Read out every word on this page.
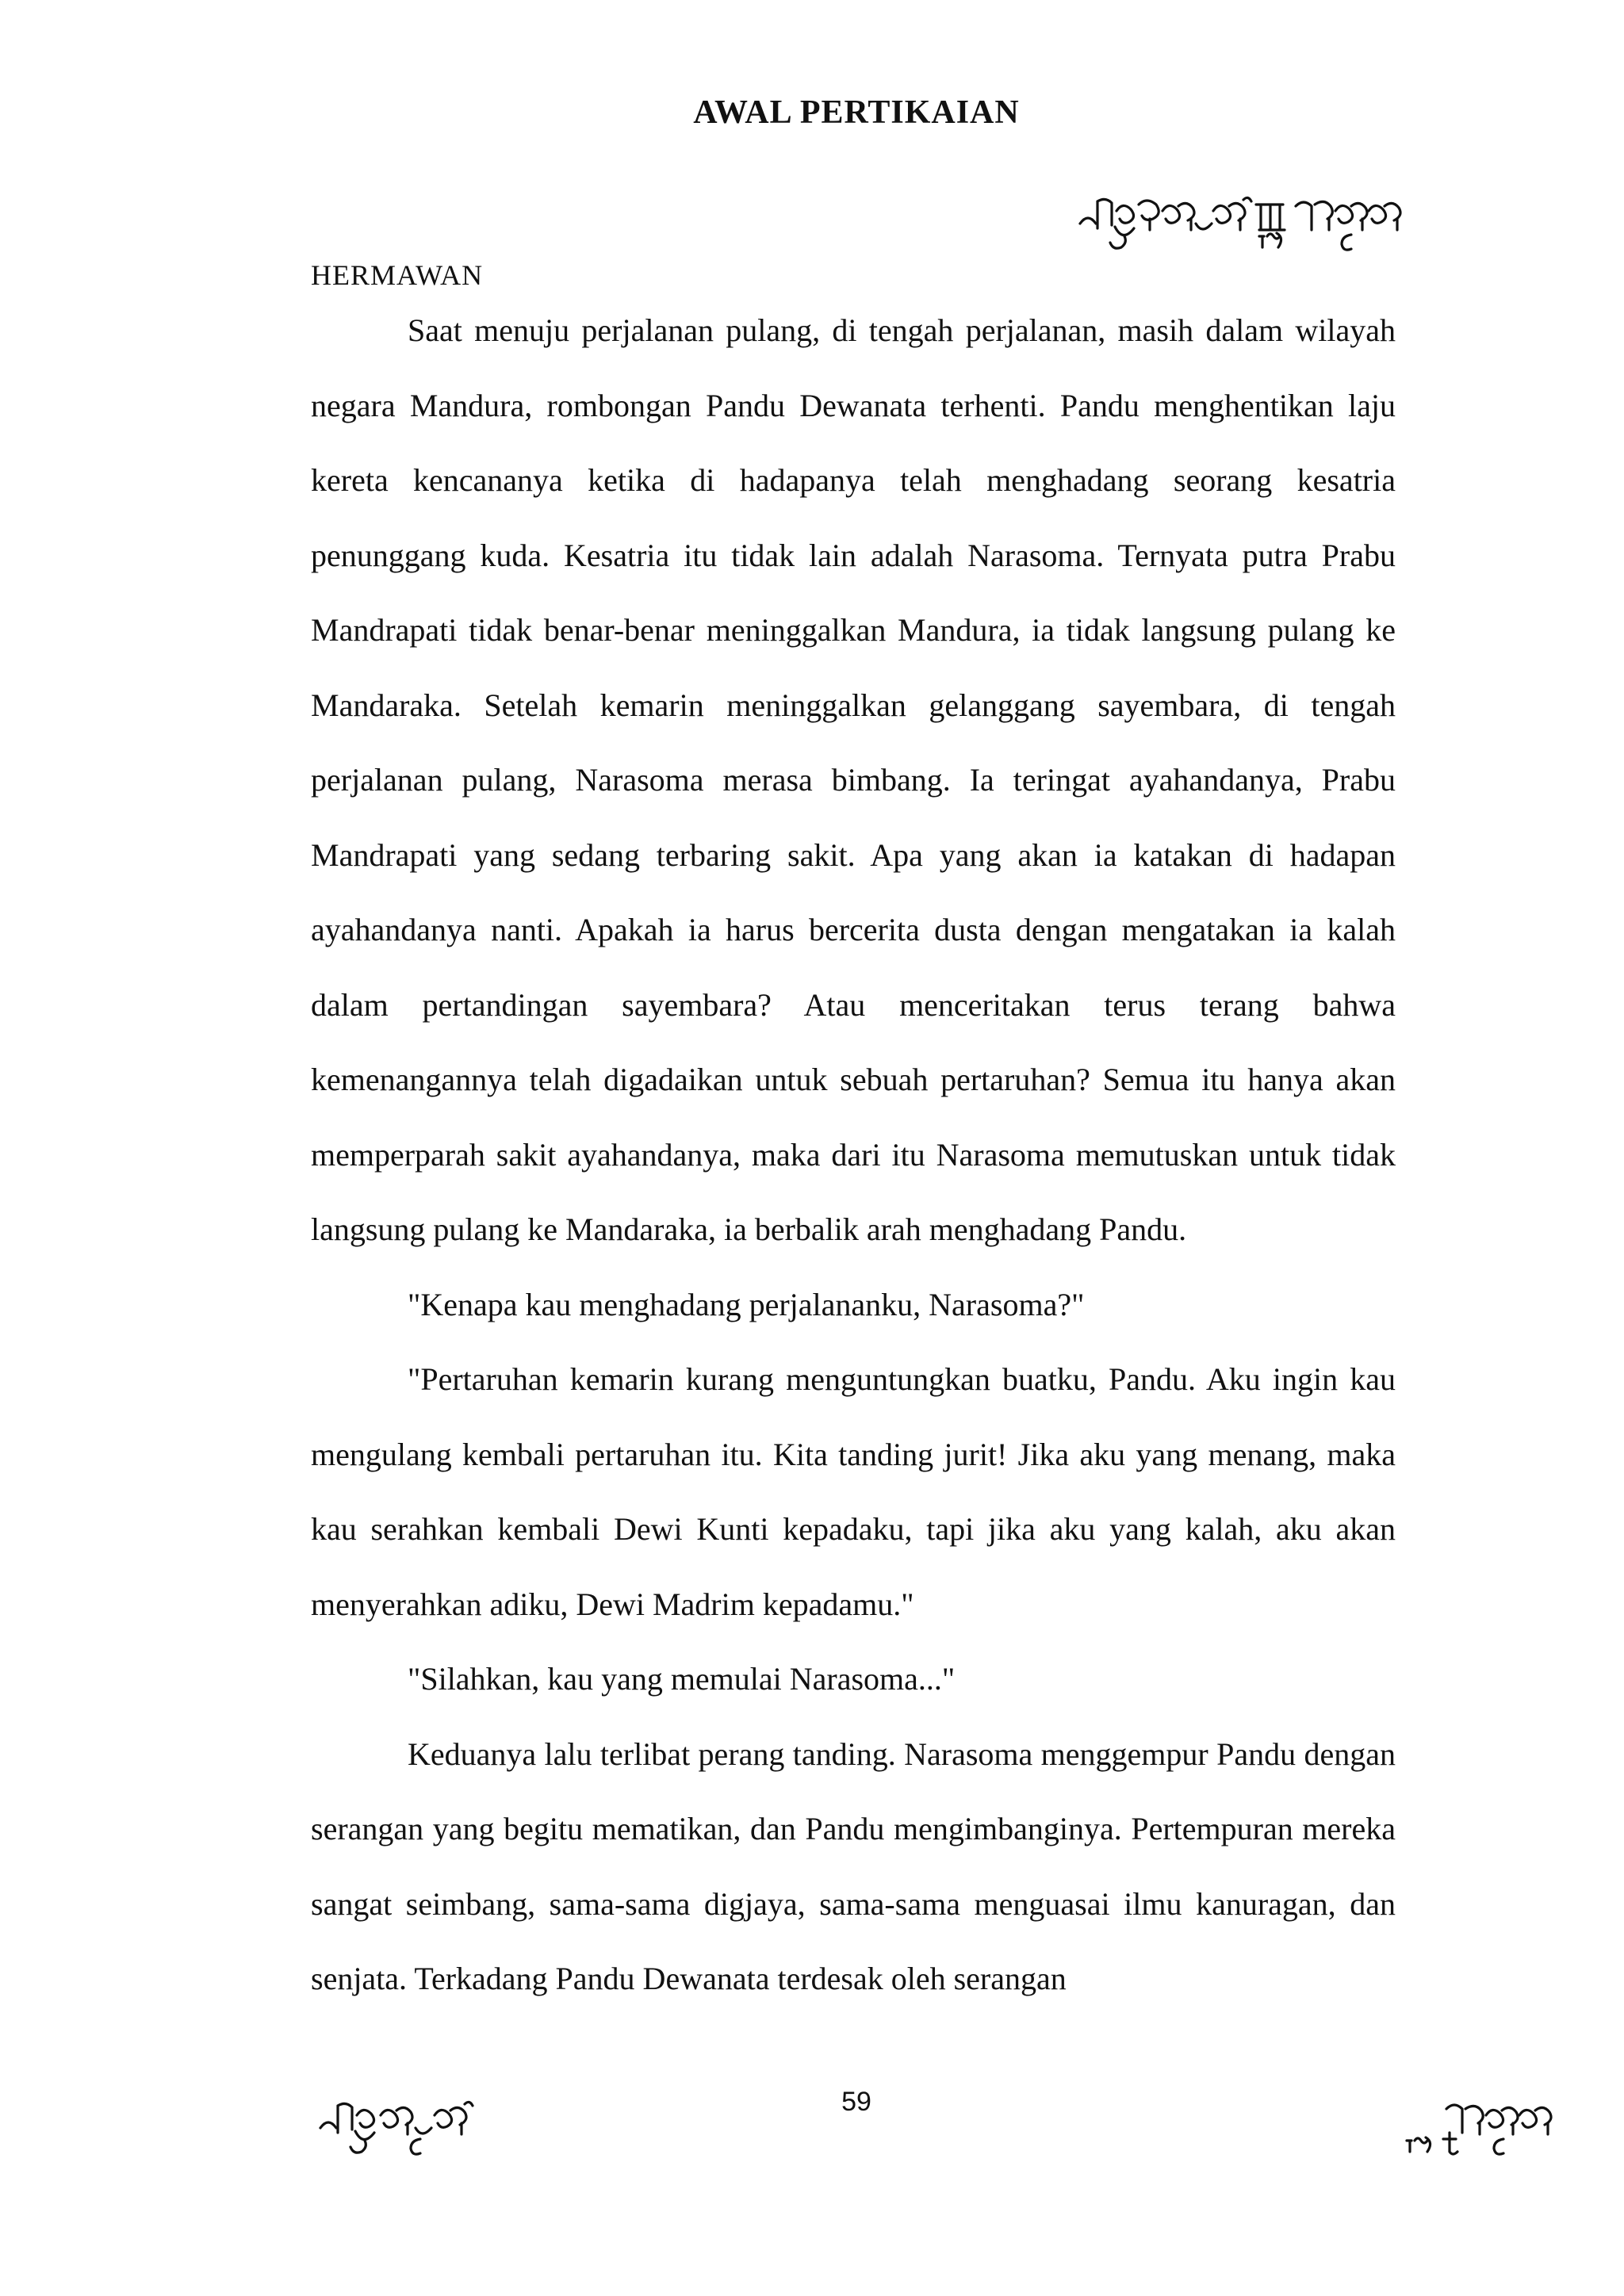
AWAL PERTIKAIAN
HERMAWAN

Saat menuju perjalanan pulang, di tengah perjalanan, masih dalam wilayah negara Mandura, rombongan Pandu Dewanata terhenti. Pandu menghentikan laju kereta kencananya ketika di hadapanya telah menghadang seorang kesatria penunggang kuda. Kesatria itu tidak lain adalah Narasoma. Ternyata putra Prabu Mandrapati tidak benar-benar meninggalkan Mandura, ia tidak langsung pulang ke Mandaraka. Setelah kemarin meninggalkan gelanggang sayembara, di tengah perjalanan pulang, Narasoma merasa bimbang. Ia teringat ayahandanya, Prabu Mandrapati yang sedang terbaring sakit. Apa yang akan ia katakan di hadapan ayahandanya nanti. Apakah ia harus bercerita dusta dengan mengatakan ia kalah dalam pertandingan sayembara? Atau menceritakan terus terang bahwa kemenangannya telah digadaikan untuk sebuah pertaruhan? Semua itu hanya akan memperparah sakit ayahandanya, maka dari itu Narasoma memutuskan untuk tidak langsung pulang ke Mandaraka, ia berbalik arah menghadang Pandu.

"Kenapa kau menghadang perjalananku, Narasoma?"

"Pertaruhan kemarin kurang menguntungkan buatku, Pandu. Aku ingin kau mengulang kembali pertaruhan itu. Kita tanding jurit! Jika aku yang menang, maka kau serahkan kembali Dewi Kunti kepadaku, tapi jika aku yang kalah, aku akan menyerahkan adiku, Dewi Madrim kepadamu."

"Silahkan, kau yang memulai Narasoma..."

Keduanya lalu terlibat perang tanding. Narasoma menggempur Pandu dengan serangan yang begitu mematikan, dan Pandu mengimbanginya. Pertempuran mereka sangat seimbang, sama-sama digjaya, sama-sama menguasai ilmu kanuragan, dan senjata. Terkadang Pandu Dewanata terdesak oleh serangan

59
